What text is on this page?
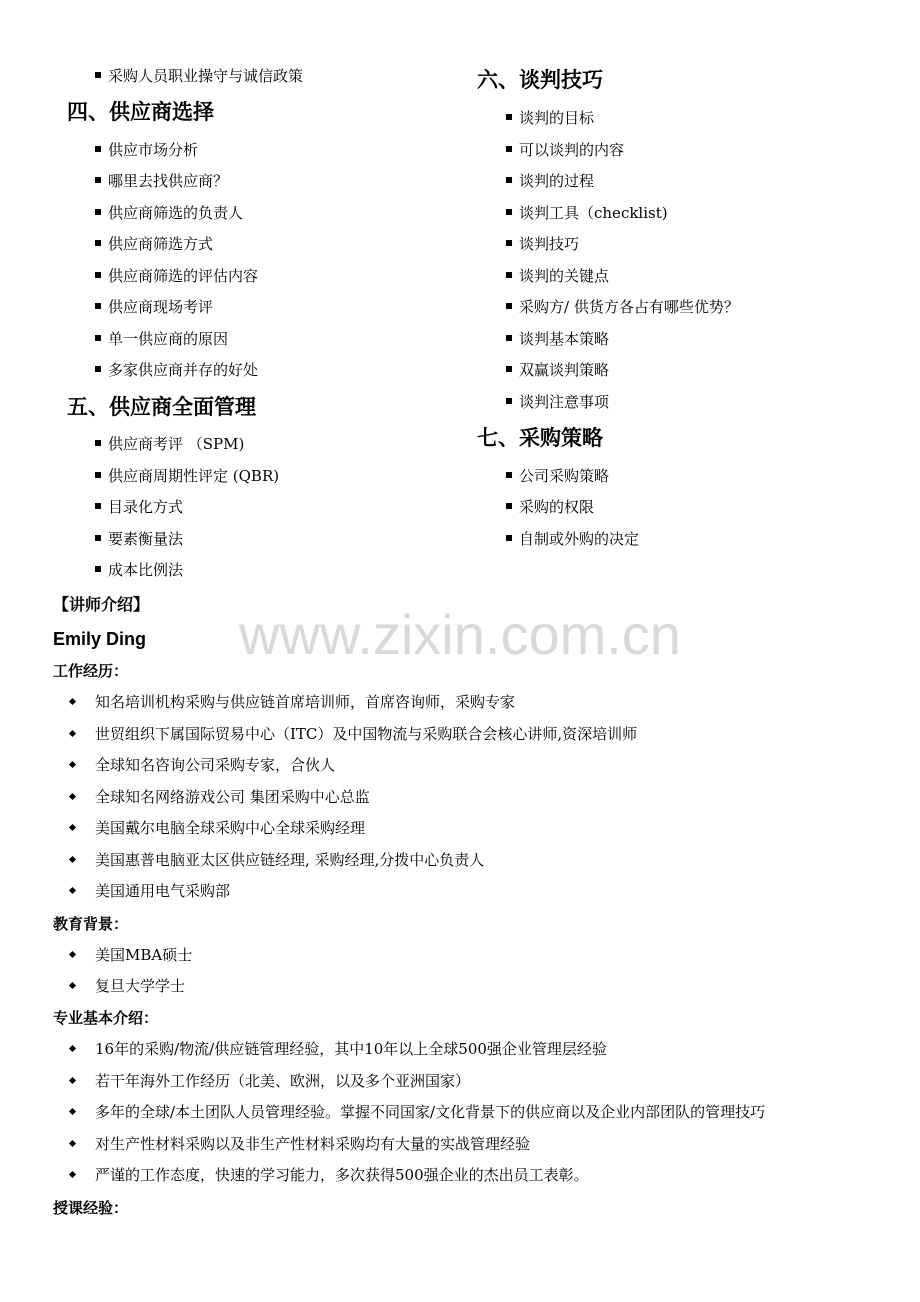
www.zixin.com.cn
采购人员职业操守与诚信政策
四、供应商选择
供应市场分析
哪里去找供应商？
供应商筛选的负责人
供应商筛选方式
供应商筛选的评估内容
供应商现场考评
单一供应商的原因
多家供应商并存的好处
五、供应商全面管理
供应商考评 （SPM)
供应商周期性评定 (QBR)
目录化方式
要素衡量法
成本比例法
六、谈判技巧
谈判的目标
可以谈判的内容
谈判的过程
谈判工具（checklist)
谈判技巧
谈判的关键点
采购方/ 供货方各占有哪些优势？
谈判基本策略
双赢谈判策略
谈判注意事项
七、采购策略
公司采购策略
采购的权限
自制或外购的决定
【讲师介绍】
Emily Ding
工作经历：
知名培训机构采购与供应链首席培训师，首席咨询师，采购专家
世贸组织下属国际贸易中心（ITC）及中国物流与采购联合会核心讲师,资深培训师
全球知名咨询公司采购专家，合伙人
全球知名网络游戏公司 集团采购中心总监
美国戴尔电脑全球采购中心全球采购经理
美国惠普电脑亚太区供应链经理, 采购经理,分拨中心负责人
美国通用电气采购部
教育背景：
美国MBA硕士
复旦大学学士
专业基本介绍：
16年的采购/物流/供应链管理经验，其中10年以上全球500强企业管理层经验
若干年海外工作经历（北美、欧洲，以及多个亚洲国家）
多年的全球/本土团队人员管理经验。掌握不同国家/文化背景下的供应商以及企业内部团队的管理技巧
对生产性材料采购以及非生产性材料采购均有大量的实战管理经验
严谨的工作态度，快速的学习能力，多次获得500强企业的杰出员工表彰。
授课经验：
